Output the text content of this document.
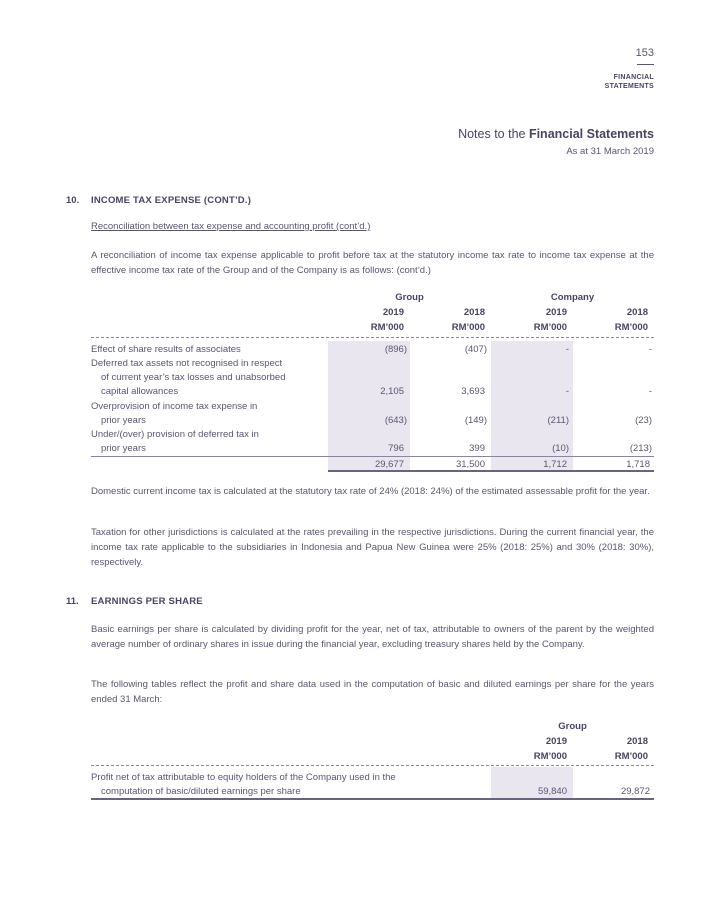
153
FINANCIAL
STATEMENTS
Notes to the Financial Statements
As at 31 March 2019
10. INCOME TAX EXPENSE (CONT’D.)
Reconciliation between tax expense and accounting profit (cont’d.)
A reconciliation of income tax expense applicable to profit before tax at the statutory income tax rate to income tax expense at the effective income tax rate of the Group and of the Company is as follows: (cont’d.)
Group	Company
2019	2018	2019	2018
RM’000	RM’000	RM’000	RM’000
Effect of share results of associates	(896)	(407)	-	-
Deferred tax assets not recognised in respect
of current year’s tax losses and unabsorbed
capital allowances	2,105	3,693	-	-
Overprovision of income tax expense in
prior years	(643)	(149)	(211)	(23)
Under/(over) provision of deferred tax in
prior years	796	399	(10)	(213)
29,677	31,500	1,712	1,718
Domestic current income tax is calculated at the statutory tax rate of 24% (2018: 24%) of the estimated assessable profit for the year.
Taxation for other jurisdictions is calculated at the rates prevailing in the respective jurisdictions. During the current financial year, the income tax rate applicable to the subsidiaries in Indonesia and Papua New Guinea were 25% (2018: 25%) and 30% (2018: 30%), respectively.
11. EARNINGS PER SHARE
Basic earnings per share is calculated by dividing profit for the year, net of tax, attributable to owners of the parent by the weighted average number of ordinary shares in issue during the financial year, excluding treasury shares held by the Company.
The following tables reflect the profit and share data used in the computation of basic and diluted earnings per share for the years ended 31 March:
Group
2019	2018
RM’000	RM’000
Profit net of tax attributable to equity holders of the Company used in the
computation of basic/diluted earnings per share	59,840	29,872
